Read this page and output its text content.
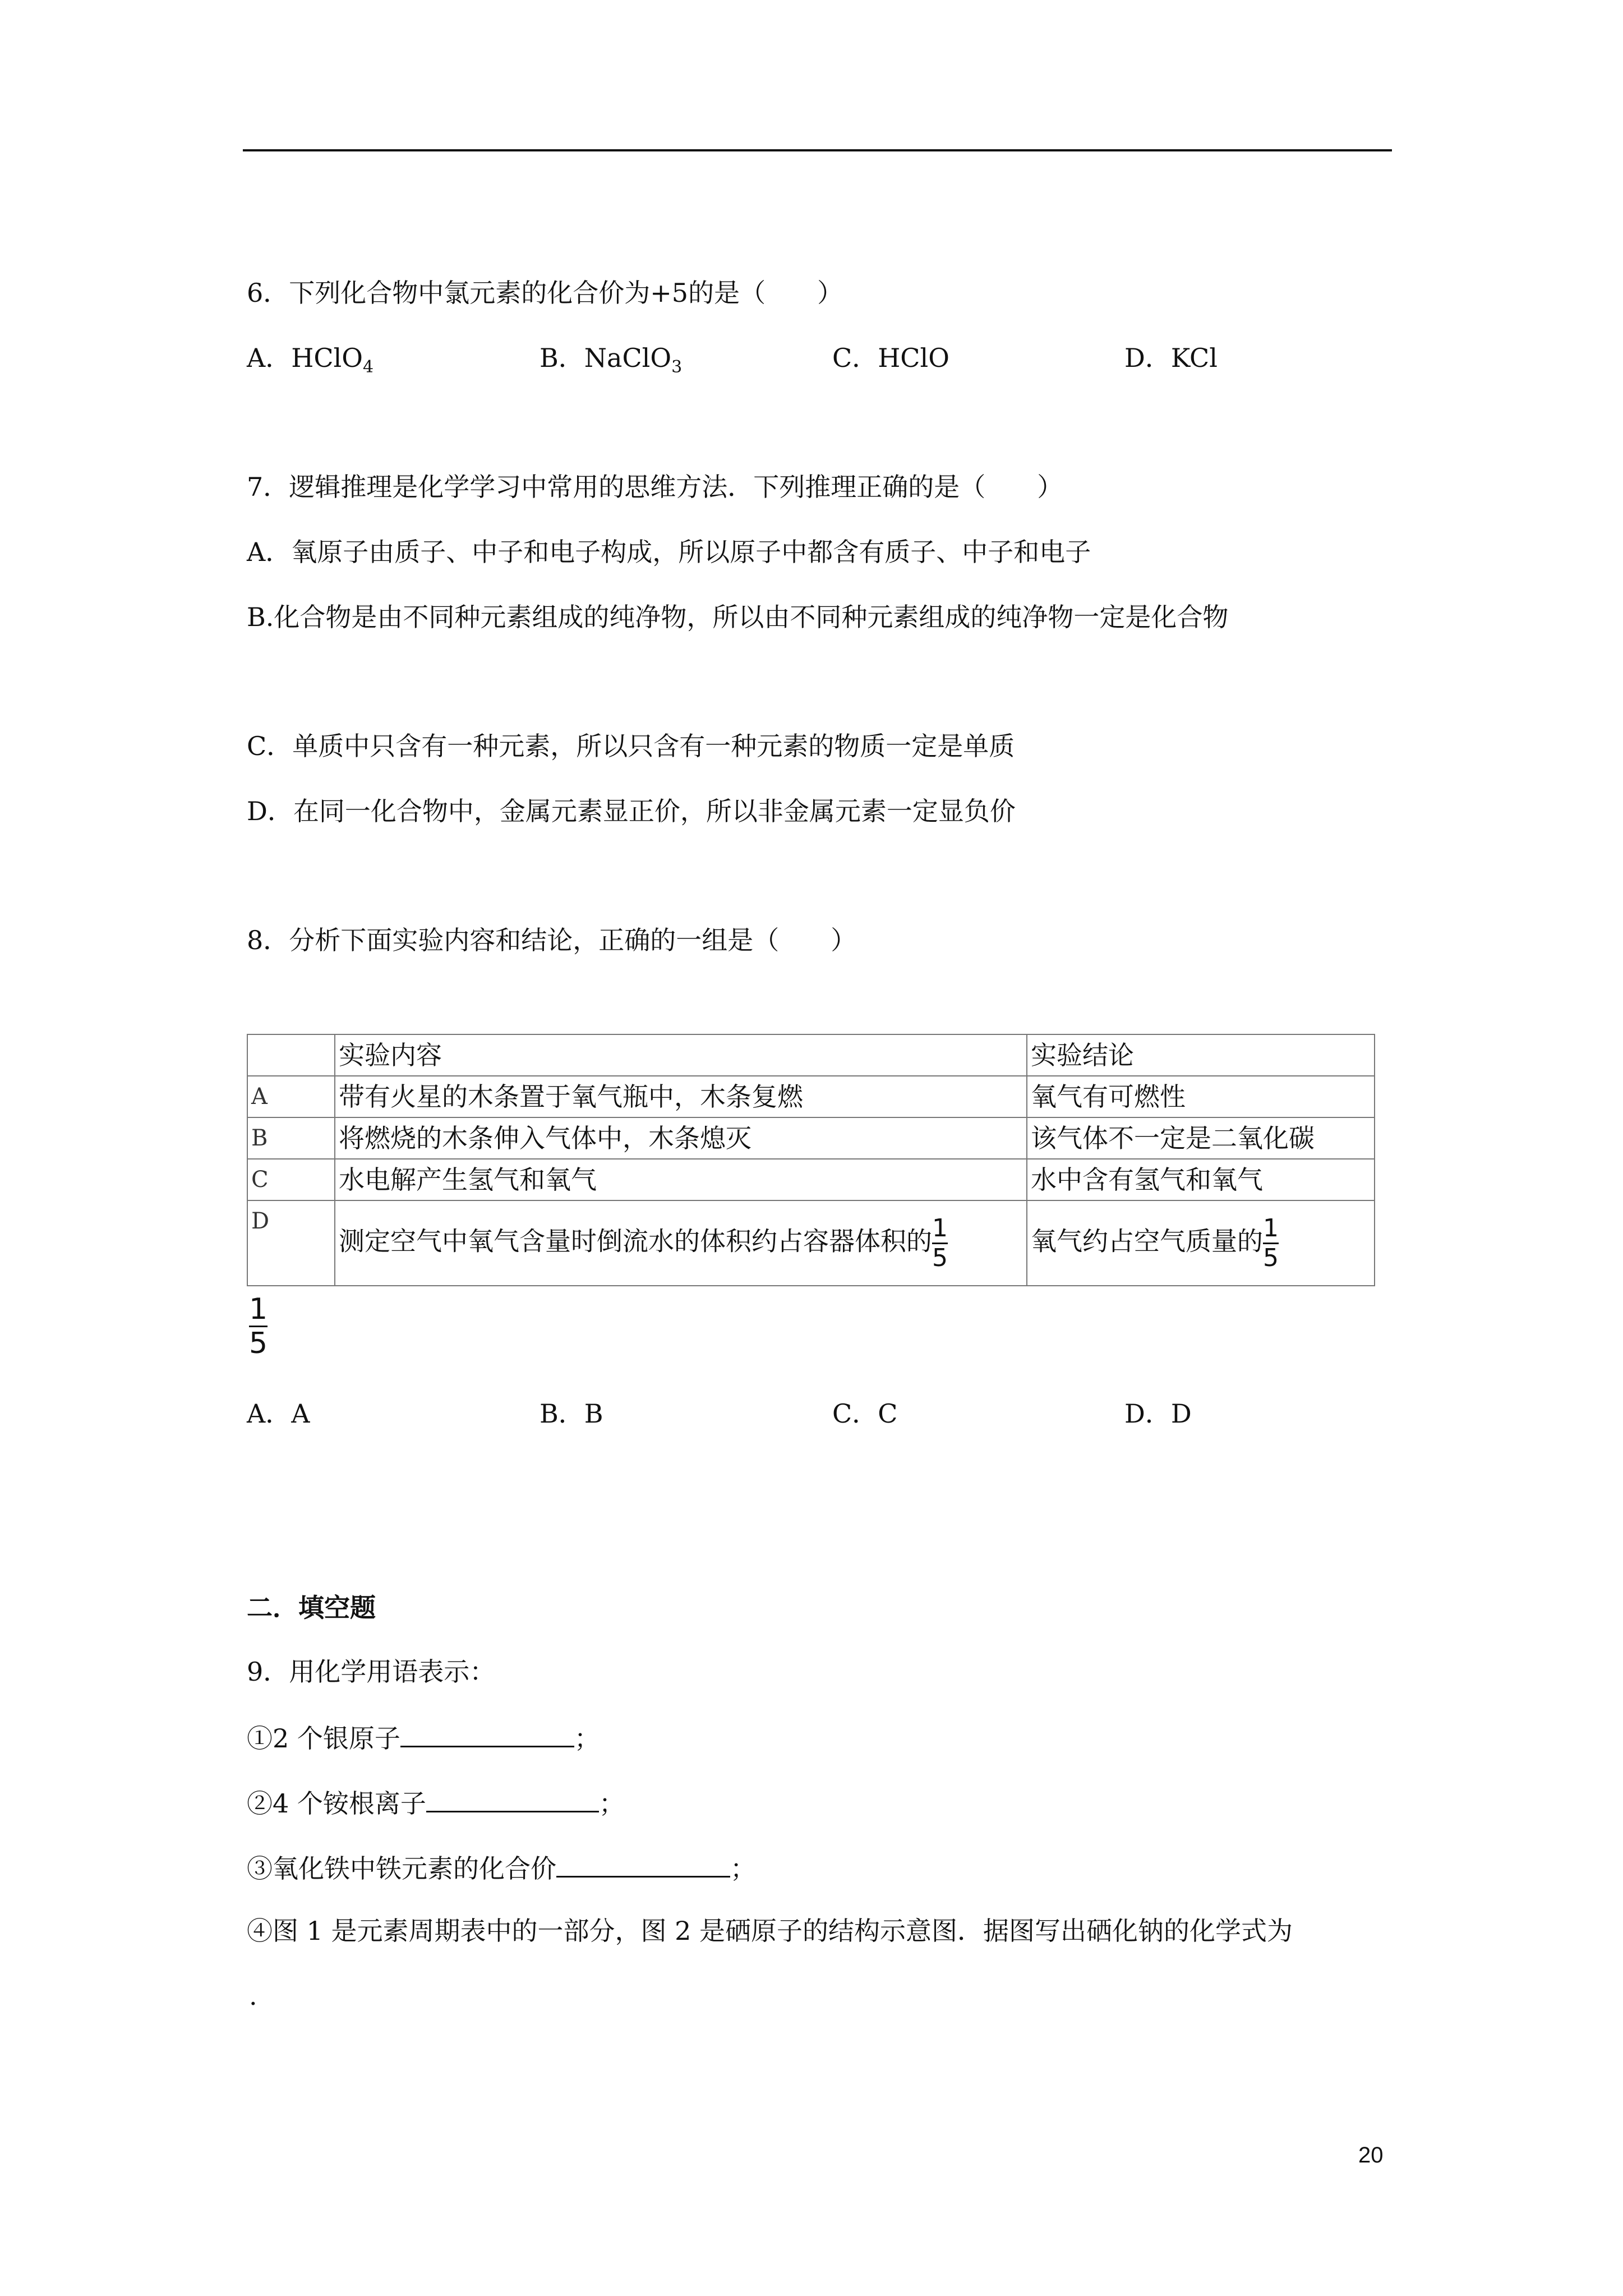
6．下列化合物中氯元素的化合价为+5的是（　　）
A．HClO$_4$	B．NaClO$_3$	C．HClO	D．KCl
7．逻辑推理是化学学习中常用的思维方法．下列推理正确的是（　　）
A．氧原子由质子、中子和电子构成，所以原子中都含有质子、中子和电子
B.化合物是由不同种元素组成的纯净物，所以由不同种元素组成的纯净物一定是化合物
C．单质中只含有一种元素，所以只含有一种元素的物质一定是单质
D．在同一化合物中，金属元素显正价，所以非金属元素一定显负价
8．分析下面实验内容和结论，正确的一组是（　　）
	实验内容	实验结论
A	带有火星的木条置于氧气瓶中，木条复燃	氧气有可燃性
B	将燃烧的木条伸入气体中，木条熄灭	该气体不一定是二氧化碳
C	水电解产生氢气和氧气	水中含有氢气和氧气
D	测定空气中氧气含量时倒流水的体积约占容器体积的 $\frac{1}{5}$	氧气约占空气质量的 $\frac{1}{5}$
$\frac{1}{5}$
A．A	B．B	C．C	D．D
二．填空题
9．用化学用语表示：
①2 个银原子	；
②4 个铵根离子	；
③氧化铁中铁元素的化合价	；
④图 1 是元素周期表中的一部分，图 2 是硒原子的结构示意图．据图写出硒化钠的化学式为
.
20
